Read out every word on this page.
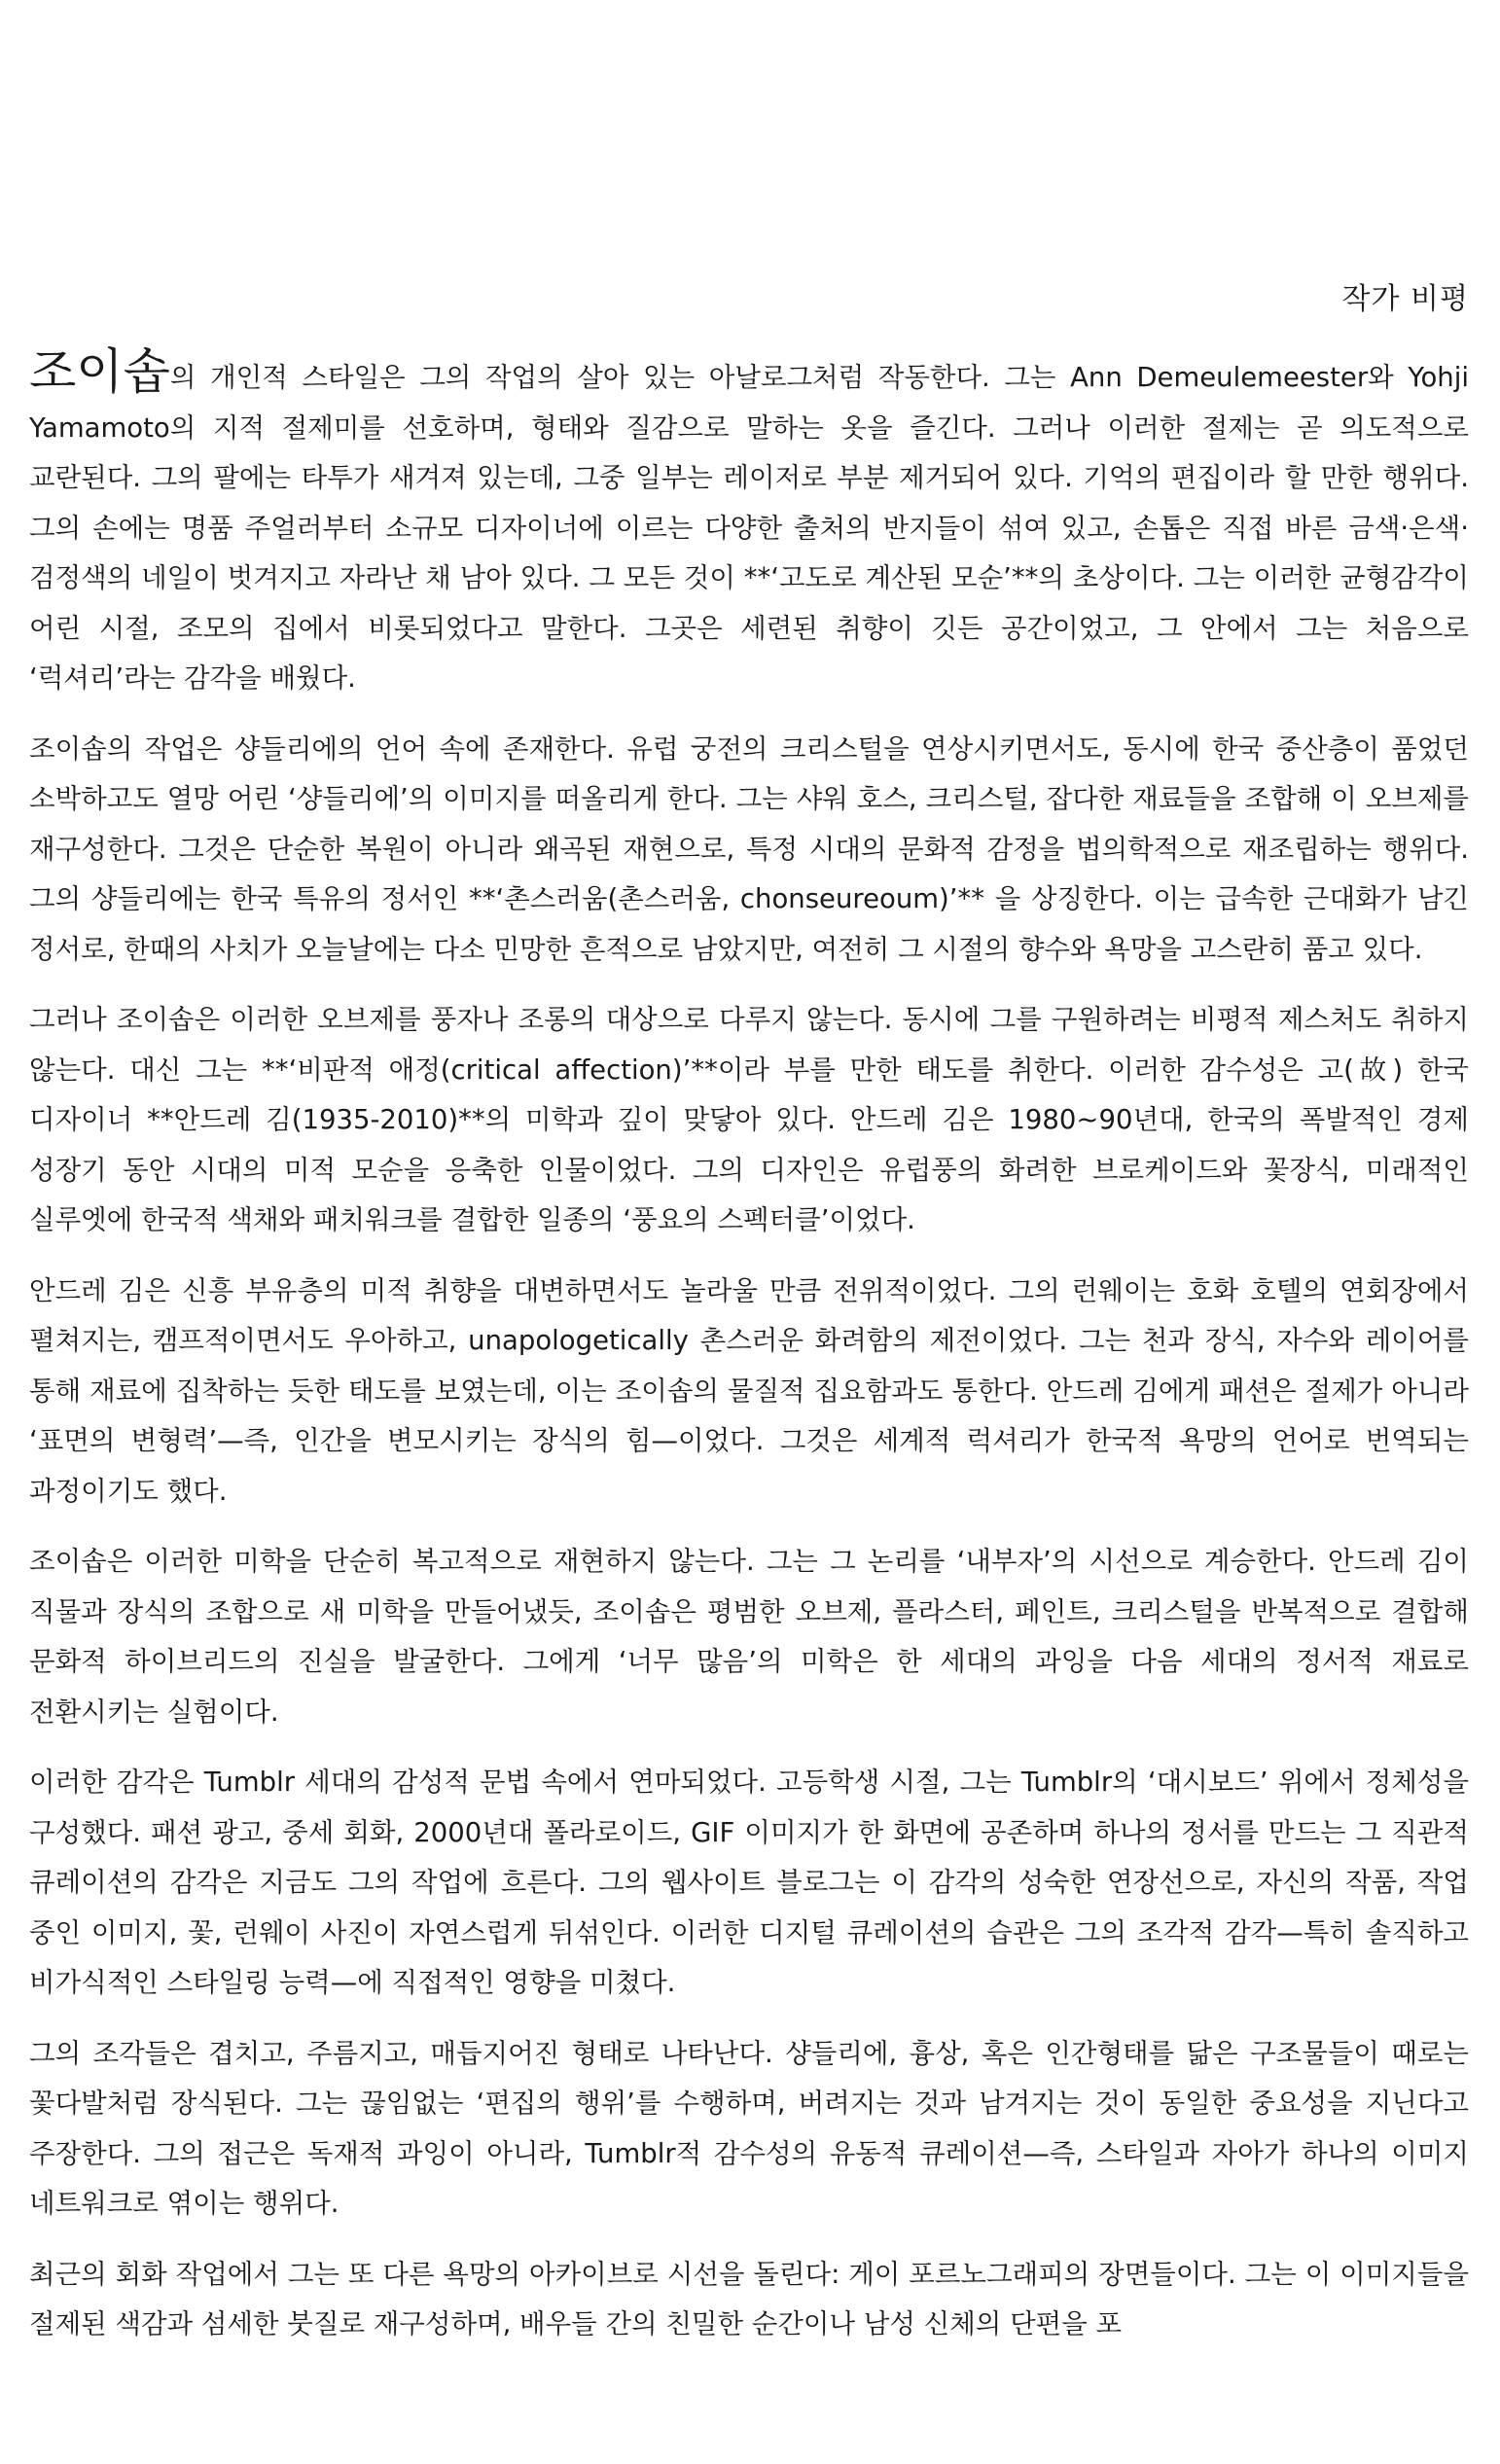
작가 비평

조이솝의 개인적 스타일은 그의 작업의 살아 있는 아날로그처럼 작동한다. 그는 Ann Demeulemeester와 Yohji Yamamoto의 지적 절제미를 선호하며, 형태와 질감으로 말하는 옷을 즐긴다. 그러나 이러한 절제는 곧 의도적으로 교란된다. 그의 팔에는 타투가 새겨져 있는데, 그중 일부는 레이저로 부분 제거되어 있다. 기억의 편집이라 할 만한 행위다. 그의 손에는 명품 주얼러부터 소규모 디자이너에 이르는 다양한 출처의 반지들이 섞여 있고, 손톱은 직접 바른 금색·은색·검정색의 네일이 벗겨지고 자라난 채 남아 있다. 그 모든 것이 **‘고도로 계산된 모순’**의 초상이다. 그는 이러한 균형감각이 어린 시절, 조모의 집에서 비롯되었다고 말한다. 그곳은 세련된 취향이 깃든 공간이었고, 그 안에서 그는 처음으로 ‘럭셔리’라는 감각을 배웠다.

조이솝의 작업은 샹들리에의 언어 속에 존재한다. 유럽 궁전의 크리스털을 연상시키면서도, 동시에 한국 중산층이 품었던 소박하고도 열망 어린 ‘샹들리에’의 이미지를 떠올리게 한다. 그는 샤워 호스, 크리스털, 잡다한 재료들을 조합해 이 오브제를 재구성한다. 그것은 단순한 복원이 아니라 왜곡된 재현으로, 특정 시대의 문화적 감정을 법의학적으로 재조립하는 행위다. 그의 샹들리에는 한국 특유의 정서인 **‘촌스러움(촌스러움, chonseureoum)’** 을 상징한다. 이는 급속한 근대화가 남긴 정서로, 한때의 사치가 오늘날에는 다소 민망한 흔적으로 남았지만, 여전히 그 시절의 향수와 욕망을 고스란히 품고 있다.

그러나 조이솝은 이러한 오브제를 풍자나 조롱의 대상으로 다루지 않는다. 동시에 그를 구원하려는 비평적 제스처도 취하지 않는다. 대신 그는 **‘비판적 애정(critical affection)’**이라 부를 만한 태도를 취한다. 이러한 감수성은 고(故) 한국 디자이너 **안드레 김(1935-2010)**의 미학과 깊이 맞닿아 있다. 안드레 김은 1980~90년대, 한국의 폭발적인 경제 성장기 동안 시대의 미적 모순을 응축한 인물이었다. 그의 디자인은 유럽풍의 화려한 브로케이드와 꽃장식, 미래적인 실루엣에 한국적 색채와 패치워크를 결합한 일종의 ‘풍요의 스펙터클’이었다.

안드레 김은 신흥 부유층의 미적 취향을 대변하면서도 놀라울 만큼 전위적이었다. 그의 런웨이는 호화 호텔의 연회장에서 펼쳐지는, 캠프적이면서도 우아하고, unapologetically 촌스러운 화려함의 제전이었다. 그는 천과 장식, 자수와 레이어를 통해 재료에 집착하는 듯한 태도를 보였는데, 이는 조이솝의 물질적 집요함과도 통한다. 안드레 김에게 패션은 절제가 아니라 ‘표면의 변형력’—즉, 인간을 변모시키는 장식의 힘—이었다. 그것은 세계적 럭셔리가 한국적 욕망의 언어로 번역되는 과정이기도 했다.

조이솝은 이러한 미학을 단순히 복고적으로 재현하지 않는다. 그는 그 논리를 ‘내부자’의 시선으로 계승한다. 안드레 김이 직물과 장식의 조합으로 새 미학을 만들어냈듯, 조이솝은 평범한 오브제, 플라스터, 페인트, 크리스털을 반복적으로 결합해 문화적 하이브리드의 진실을 발굴한다. 그에게 ‘너무 많음’의 미학은 한 세대의 과잉을 다음 세대의 정서적 재료로 전환시키는 실험이다.

이러한 감각은 Tumblr 세대의 감성적 문법 속에서 연마되었다. 고등학생 시절, 그는 Tumblr의 ‘대시보드’ 위에서 정체성을 구성했다. 패션 광고, 중세 회화, 2000년대 폴라로이드, GIF 이미지가 한 화면에 공존하며 하나의 정서를 만드는 그 직관적 큐레이션의 감각은 지금도 그의 작업에 흐른다. 그의 웹사이트 블로그는 이 감각의 성숙한 연장선으로, 자신의 작품, 작업 중인 이미지, 꽃, 런웨이 사진이 자연스럽게 뒤섞인다. 이러한 디지털 큐레이션의 습관은 그의 조각적 감각—특히 솔직하고 비가식적인 스타일링 능력—에 직접적인 영향을 미쳤다.

그의 조각들은 겹치고, 주름지고, 매듭지어진 형태로 나타난다. 샹들리에, 흉상, 혹은 인간형태를 닮은 구조물들이 때로는 꽃다발처럼 장식된다. 그는 끊임없는 ‘편집의 행위’를 수행하며, 버려지는 것과 남겨지는 것이 동일한 중요성을 지닌다고 주장한다. 그의 접근은 독재적 과잉이 아니라, Tumblr적 감수성의 유동적 큐레이션—즉, 스타일과 자아가 하나의 이미지 네트워크로 엮이는 행위다.

최근의 회화 작업에서 그는 또 다른 욕망의 아카이브로 시선을 돌린다: 게이 포르노그래피의 장면들이다. 그는 이 이미지들을 절제된 색감과 섬세한 붓질로 재구성하며, 배우들 간의 친밀한 순간이나 남성 신체의 단편을 포
